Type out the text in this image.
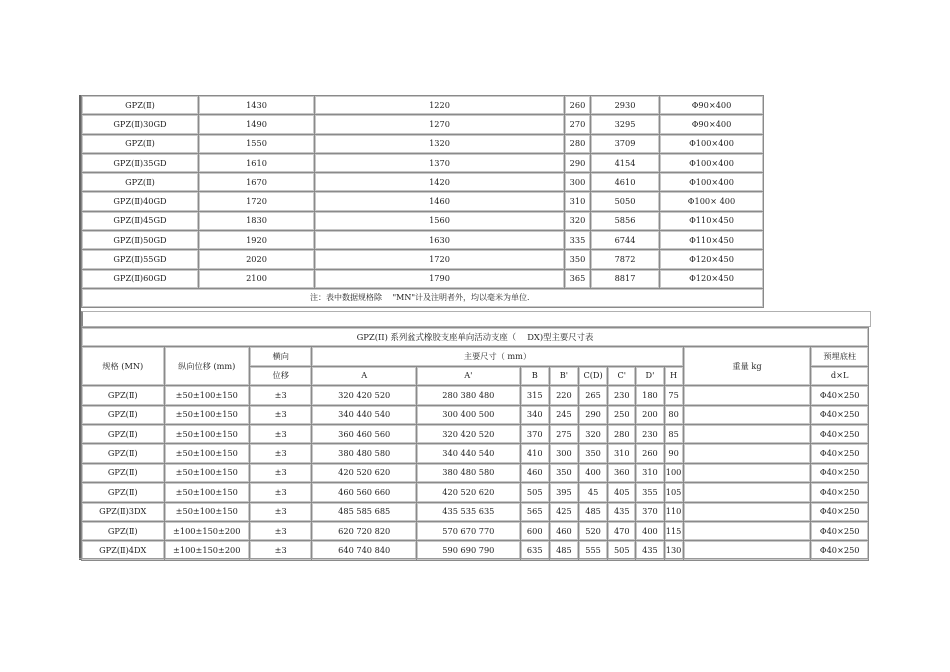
GPZ(Ⅱ)	1430	1220	260	2930	Φ90×400
GPZ(Ⅱ)30GD	1490	1270	270	3295	Φ90×400
GPZ(Ⅱ)	1550	1320	280	3709	Φ100×400
GPZ(Ⅱ)35GD	1610	1370	290	4154	Φ100×400
GPZ(Ⅱ)	1670	1420	300	4610	Φ100×400
GPZ(Ⅱ)40GD	1720	1460	310	5050	Φ100× 400
GPZ(Ⅱ)45GD	1830	1560	320	5856	Φ110×450
GPZ(Ⅱ)50GD	1920	1630	335	6744	Φ110×450
GPZ(Ⅱ)55GD	2020	1720	350	7872	Φ120×450
GPZ(Ⅱ)60GD	2100	1790	365	8817	Φ120×450
注：表中数据规格除　 "MN"计及注明者外，均以毫米为单位．					
GPZ(II) 系列盆式橡胶支座单向活动支座（　 DX)型主要尺寸表												
规格 (MN)	纵向位移 (mm)	横向	主要尺寸（ mm）								重量 kg	预埋底柱
		位移	A	A'	B	B'	C(D)	C'	D'	H		d×L
GPZ(Ⅱ)	±50±100±150	±3	320 420 520	280 380 480	315	220	265	230	180	75		Φ40×250
GPZ(Ⅱ)	±50±100±150	±3	340 440 540	300 400 500	340	245	290	250	200	80		Φ40×250
GPZ(Ⅱ)	±50±100±150	±3	360 460 560	320 420 520	370	275	320	280	230	85		Φ40×250
GPZ(Ⅱ)	±50±100±150	±3	380 480 580	340 440 540	410	300	350	310	260	90		Φ40×250
GPZ(Ⅱ)	±50±100±150	±3	420 520 620	380 480 580	460	350	400	360	310	100		Φ40×250
GPZ(Ⅱ)	±50±100±150	±3	460 560 660	420 520 620	505	395	45	405	355	105		Φ40×250
GPZ(Ⅱ)3DX	±50±100±150	±3	485 585 685	435 535 635	565	425	485	435	370	110		Φ40×250
GPZ(Ⅱ)	±100±150±200	±3	620 720 820	570 670 770	600	460	520	470	400	115		Φ40×250
GPZ(Ⅱ)4DX	±100±150±200	±3	640 740 840	590 690 790	635	485	555	505	435	130		Φ40×250
